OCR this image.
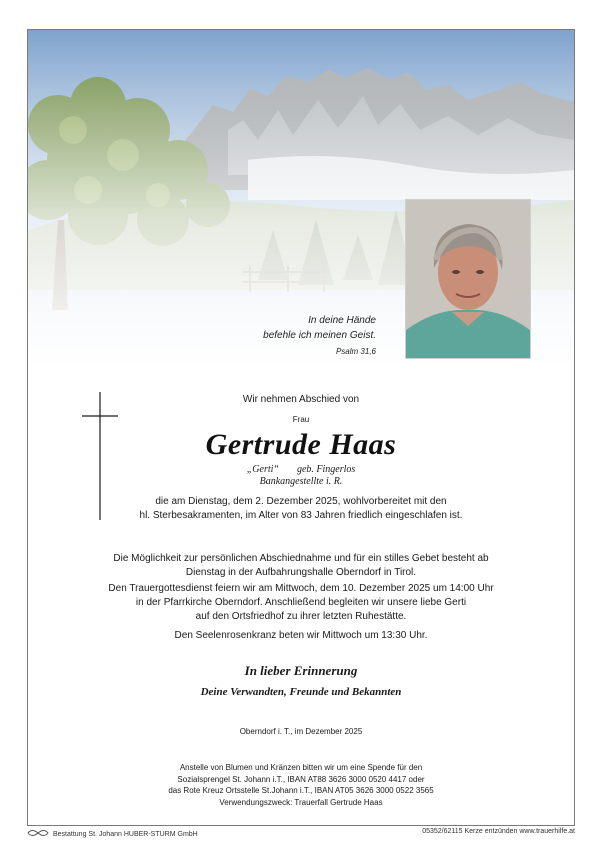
In deine Hände
befehle ich meinen Geist.
Psalm 31,6
Wir nehmen Abschied von
Frau
Gertrude Haas
„Gerti“ geb. Fingerlos
Bankangestellte i. R.
die am Dienstag, dem 2. Dezember 2025, wohlvorbereitet mit den
hl. Sterbesakramenten, im Alter von 83 Jahren friedlich eingeschlafen ist.
Die Möglichkeit zur persönlichen Abschiednahme und für ein stilles Gebet besteht ab
Dienstag in der Aufbahrungshalle Oberndorf in Tirol.
Den Trauergottesdienst feiern wir am Mittwoch, dem 10. Dezember 2025 um 14:00 Uhr
in der Pfarrkirche Oberndorf. Anschließend begleiten wir unsere liebe Gerti
auf den Ortsfriedhof zu ihrer letzten Ruhestätte.
Den Seelenrosenkranz beten wir Mittwoch um 13:30 Uhr.
In lieber Erinnerung
Deine Verwandten, Freunde und Bekannten
Oberndorf i. T., im Dezember 2025
Anstelle von Blumen und Kränzen bitten wir um eine Spende für den
Sozialsprengel St. Johann i.T., IBAN AT88 3626 3000 0520 4417 oder
das Rote Kreuz Ortsstelle St.Johann i.T., IBAN AT05 3626 3000 0522 3565
Verwendungszweck: Trauerfall Gertrude Haas
Bestattung St. Johann HUBER-STURM GmbH	05352/62115 Kerze entzünden www.trauerhilfe.at
